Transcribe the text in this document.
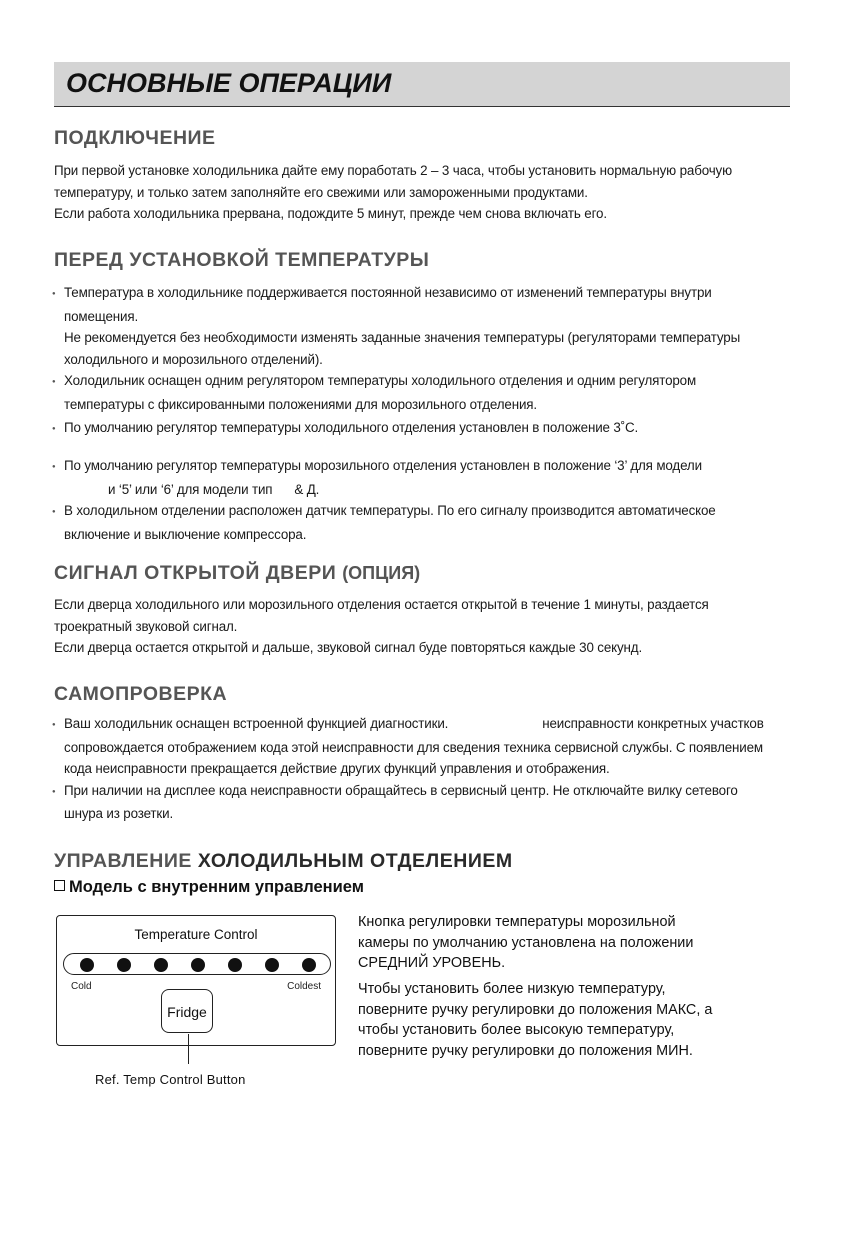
ОСНОВНЫЕ ОПЕРАЦИИ
ПОДКЛЮЧЕНИЕ

При первой установке холодильника дайте ему поработать 2 – 3 часа, чтобы установить нормальную рабочую

температуру, и только затем заполняйте его свежими или замороженными продуктами.

Если работа холодильника прервана, подождите 5 минут, прежде чем снова включать его.

ПЕРЕД УСТАНОВКОЙ ТЕМПЕРАТУРЫ

● Температура в холодильнике поддерживается постоянной независимо от изменений температуры внутри

помещения.

Не рекомендуется без необходимости изменять заданные значения температуры (регуляторами температуры

холодильного и морозильного отделений).

● Холодильник оснащен одним регулятором температуры холодильного отделения и одним регулятором

температуры с фиксированными положениями для морозильного отделения.

● По умолчанию регулятор температуры холодильного отделения установлен в положение 3˚C.

● По умолчанию регулятор температуры морозильного отделения установлен в положение ‘3’ для модели

и ‘5’ или ‘6’ для модели тип & Д.

● В холодильном отделении расположен датчик температуры. По его сигналу производится автоматическое

включение и выключение компрессора.

СИГНАЛ ОТКРЫТОЙ ДВЕРИ (ОПЦИЯ)

Если дверца холодильного или морозильного отделения остается открытой в течение 1 минуты, раздается

троекратный звуковой сигнал.

Если дверца остается открытой и дальше, звуковой сигнал буде повторяться каждые 30 секунд.

САМОПРОВЕРКА

● Ваш холодильник оснащен встроенной функцией диагностики.	неисправности конкретных участков

сопровождается отображением кода этой неисправности для сведения техника сервисной службы. С появлением

кода неисправности прекращается действие других функций управления и отображения.

● При наличии на дисплее кода неисправности обращайтесь в сервисный центр. Не отключайте вилку сетевого

шнура из розетки.

УПРАВЛЕНИЕ ХОЛОДИЛЬНЫМ ОТДЕЛЕНИЕМ
Модель с внутренним управлением
Temperature Control
Cold	Coldest
Fridge
Ref. Temp Control Button
Кнопка регулировки температуры морозильной
камеры по умолчанию установлена на положении
СРЕДНИЙ УРОВЕНЬ.
Чтобы установить более низкую температуру,
поверните ручку регулировки до положения МАКС, а
чтобы установить более высокую температуру,
поверните ручку регулировки до положения МИН.
